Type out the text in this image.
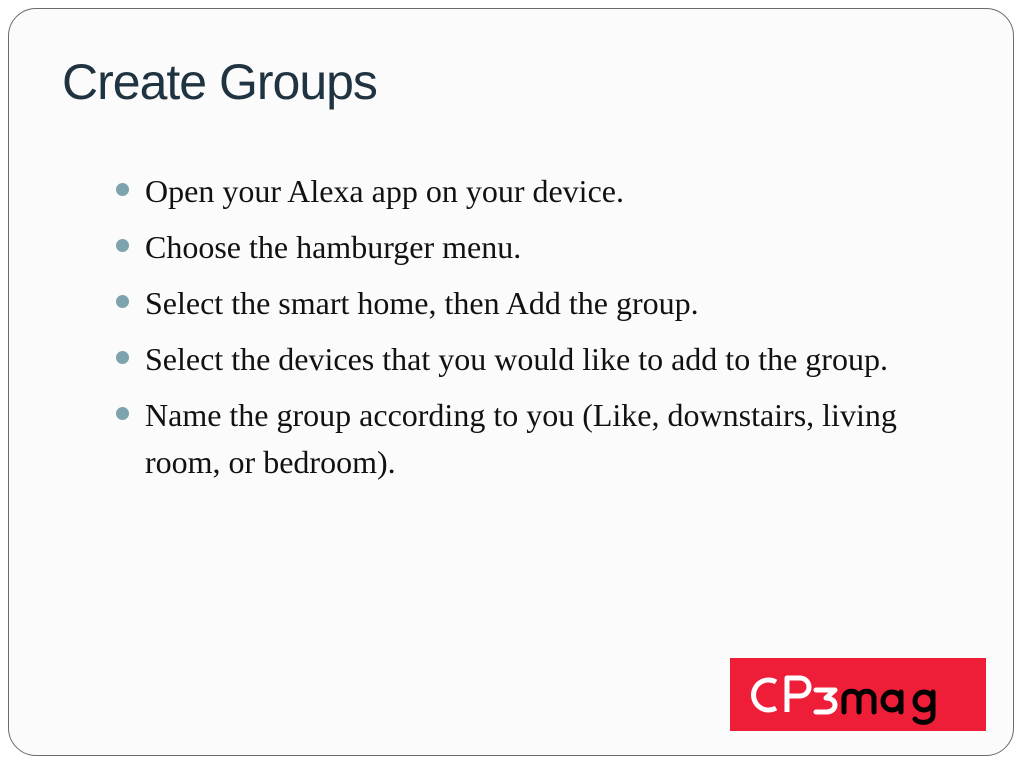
Create Groups
Open your Alexa app on your device.
Choose the hamburger menu.
Select the smart home, then Add the group.
Select the devices that you would like to add to the group.
Name the group according to you (Like, downstairs, living room, or bedroom).
